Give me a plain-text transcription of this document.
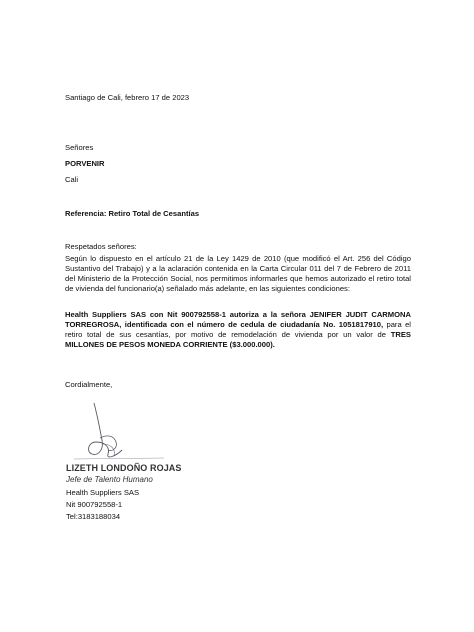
Santiago de Cali, febrero 17 de 2023
Señores
PORVENIR
Cali
Referencia: Retiro Total de Cesantías
Respetados señores:
Según lo dispuesto en el artículo 21 de la Ley 1429 de 2010 (que modificó el Art. 256 del Código Sustantivo del Trabajo) y a la aclaración contenida en la Carta Circular 011 del 7 de Febrero de 2011 del Ministerio de la Protección Social, nos permitimos informarles que hemos autorizado el retiro total de vivienda del funcionario(a) señalado más adelante, en las siguientes condiciones:
Health Suppliers SAS con Nit 900792558-1 autoriza a la señora JENIFER JUDIT CARMONA TORREGROSA, identificada con el número de cedula de ciudadanía No. 1051817910, para el retiro total de sus cesantías, por motivo de remodelación de vivienda por un valor de TRES MILLONES DE PESOS MONEDA CORRIENTE ($3.000.000).
Cordialmente,
LIZETH LONDOÑO ROJAS
Jefe de Talento Humano
Health Suppliers SAS
Nit 900792558-1
Tel:3183188034
